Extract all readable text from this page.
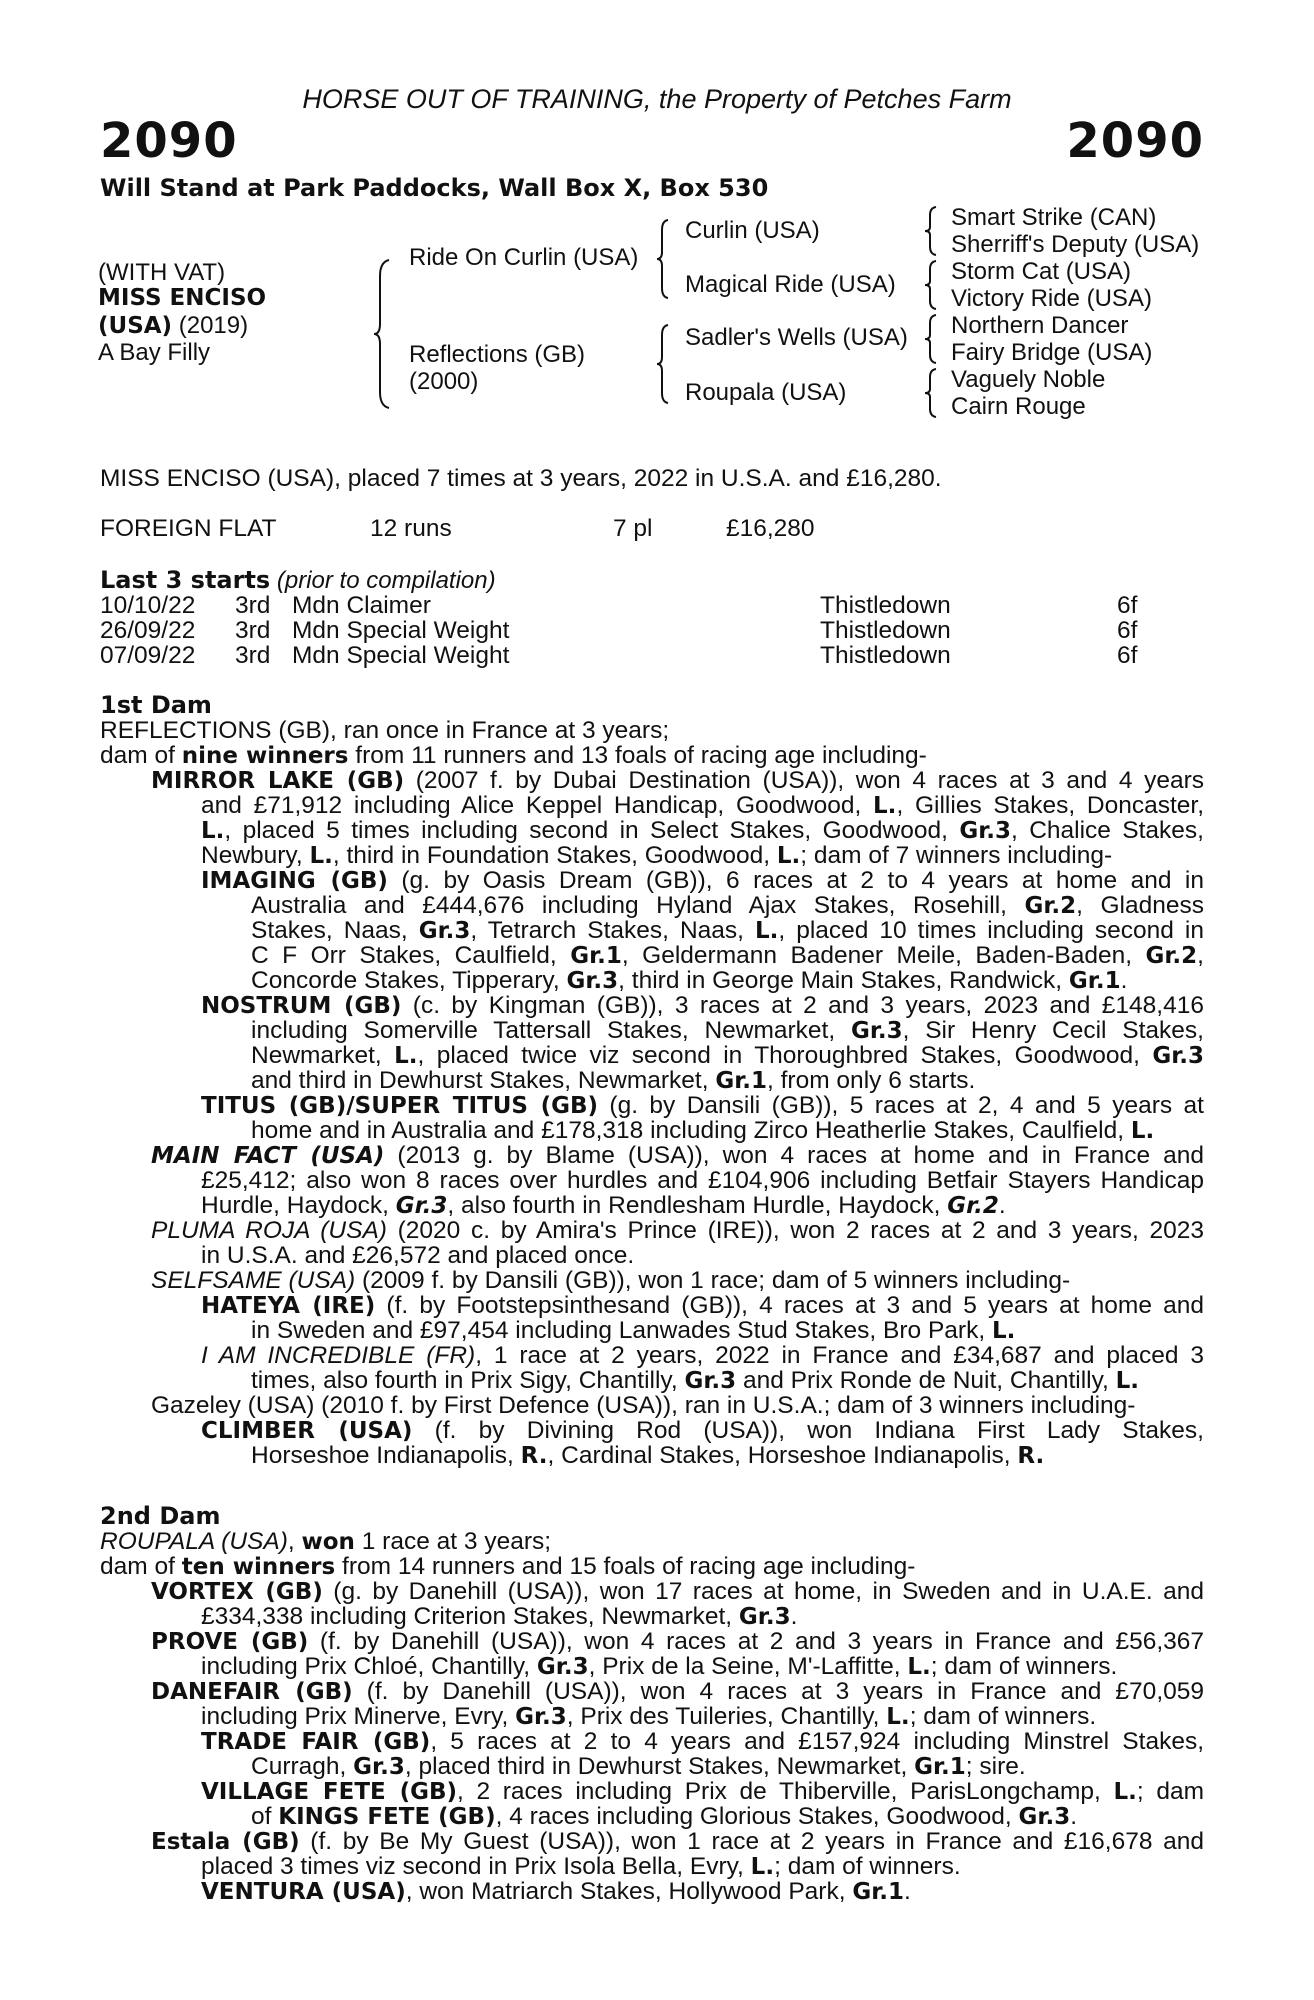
HORSE OUT OF TRAINING, the Property of Petches Farm
2090	2090
Will Stand at Park Paddocks, Wall Box X, Box 530
(WITH VAT)
MISS ENCISO
(USA) (2019)
A Bay Filly
Ride On Curlin (USA)
Reflections (GB)
(2000)
Curlin (USA)
Magical Ride (USA)
Sadler's Wells (USA)
Roupala (USA)
Smart Strike (CAN)
Sherriff's Deputy (USA)
Storm Cat (USA)
Victory Ride (USA)
Northern Dancer
Fairy Bridge (USA)
Vaguely Noble
Cairn Rouge
MISS ENCISO (USA), placed 7 times at 3 years, 2022 in U.S.A. and £16,280.
FOREIGN FLAT	12 runs	7 pl	£16,280
Last 3 starts (prior to compilation)
10/10/22 3rd Mdn Claimer	Thistledown	6f
26/09/22 3rd Mdn Special Weight	Thistledown	6f
07/09/22 3rd Mdn Special Weight	Thistledown	6f
1st Dam
REFLECTIONS (GB), ran once in France at 3 years;
dam of nine winners from 11 runners and 13 foals of racing age including-
MIRROR LAKE (GB) (2007 f. by Dubai Destination (USA)), won 4 races at 3 and 4 years
and £71,912 including Alice Keppel Handicap, Goodwood, L., Gillies Stakes, Doncaster,
L., placed 5 times including second in Select Stakes, Goodwood, Gr.3, Chalice Stakes,
Newbury, L., third in Foundation Stakes, Goodwood, L.; dam of 7 winners including-
IMAGING (GB) (g. by Oasis Dream (GB)), 6 races at 2 to 4 years at home and in
Australia and £444,676 including Hyland Ajax Stakes, Rosehill, Gr.2, Gladness
Stakes, Naas, Gr.3, Tetrarch Stakes, Naas, L., placed 10 times including second in
C F Orr Stakes, Caulfield, Gr.1, Geldermann Badener Meile, Baden-Baden, Gr.2,
Concorde Stakes, Tipperary, Gr.3, third in George Main Stakes, Randwick, Gr.1.
NOSTRUM (GB) (c. by Kingman (GB)), 3 races at 2 and 3 years, 2023 and £148,416
including Somerville Tattersall Stakes, Newmarket, Gr.3, Sir Henry Cecil Stakes,
Newmarket, L., placed twice viz second in Thoroughbred Stakes, Goodwood, Gr.3
and third in Dewhurst Stakes, Newmarket, Gr.1, from only 6 starts.
TITUS (GB)/SUPER TITUS (GB) (g. by Dansili (GB)), 5 races at 2, 4 and 5 years at
home and in Australia and £178,318 including Zirco Heatherlie Stakes, Caulfield, L.
MAIN FACT (USA) (2013 g. by Blame (USA)), won 4 races at home and in France and
£25,412; also won 8 races over hurdles and £104,906 including Betfair Stayers Handicap
Hurdle, Haydock, Gr.3, also fourth in Rendlesham Hurdle, Haydock, Gr.2.
PLUMA ROJA (USA) (2020 c. by Amira's Prince (IRE)), won 2 races at 2 and 3 years, 2023
in U.S.A. and £26,572 and placed once.
SELFSAME (USA) (2009 f. by Dansili (GB)), won 1 race; dam of 5 winners including-
HATEYA (IRE) (f. by Footstepsinthesand (GB)), 4 races at 3 and 5 years at home and
in Sweden and £97,454 including Lanwades Stud Stakes, Bro Park, L.
I AM INCREDIBLE (FR), 1 race at 2 years, 2022 in France and £34,687 and placed 3
times, also fourth in Prix Sigy, Chantilly, Gr.3 and Prix Ronde de Nuit, Chantilly, L.
Gazeley (USA) (2010 f. by First Defence (USA)), ran in U.S.A.; dam of 3 winners including-
CLIMBER (USA) (f. by Divining Rod (USA)), won Indiana First Lady Stakes,
Horseshoe Indianapolis, R., Cardinal Stakes, Horseshoe Indianapolis, R.
2nd Dam
ROUPALA (USA), won 1 race at 3 years;
dam of ten winners from 14 runners and 15 foals of racing age including-
VORTEX (GB) (g. by Danehill (USA)), won 17 races at home, in Sweden and in U.A.E. and
£334,338 including Criterion Stakes, Newmarket, Gr.3.
PROVE (GB) (f. by Danehill (USA)), won 4 races at 2 and 3 years in France and £56,367
including Prix Chloé, Chantilly, Gr.3, Prix de la Seine, M'-Laffitte, L.; dam of winners.
DANEFAIR (GB) (f. by Danehill (USA)), won 4 races at 3 years in France and £70,059
including Prix Minerve, Evry, Gr.3, Prix des Tuileries, Chantilly, L.; dam of winners.
TRADE FAIR (GB), 5 races at 2 to 4 years and £157,924 including Minstrel Stakes,
Curragh, Gr.3, placed third in Dewhurst Stakes, Newmarket, Gr.1; sire.
VILLAGE FETE (GB), 2 races including Prix de Thiberville, ParisLongchamp, L.; dam
of KINGS FETE (GB), 4 races including Glorious Stakes, Goodwood, Gr.3.
Estala (GB) (f. by Be My Guest (USA)), won 1 race at 2 years in France and £16,678 and
placed 3 times viz second in Prix Isola Bella, Evry, L.; dam of winners.
VENTURA (USA), won Matriarch Stakes, Hollywood Park, Gr.1.
